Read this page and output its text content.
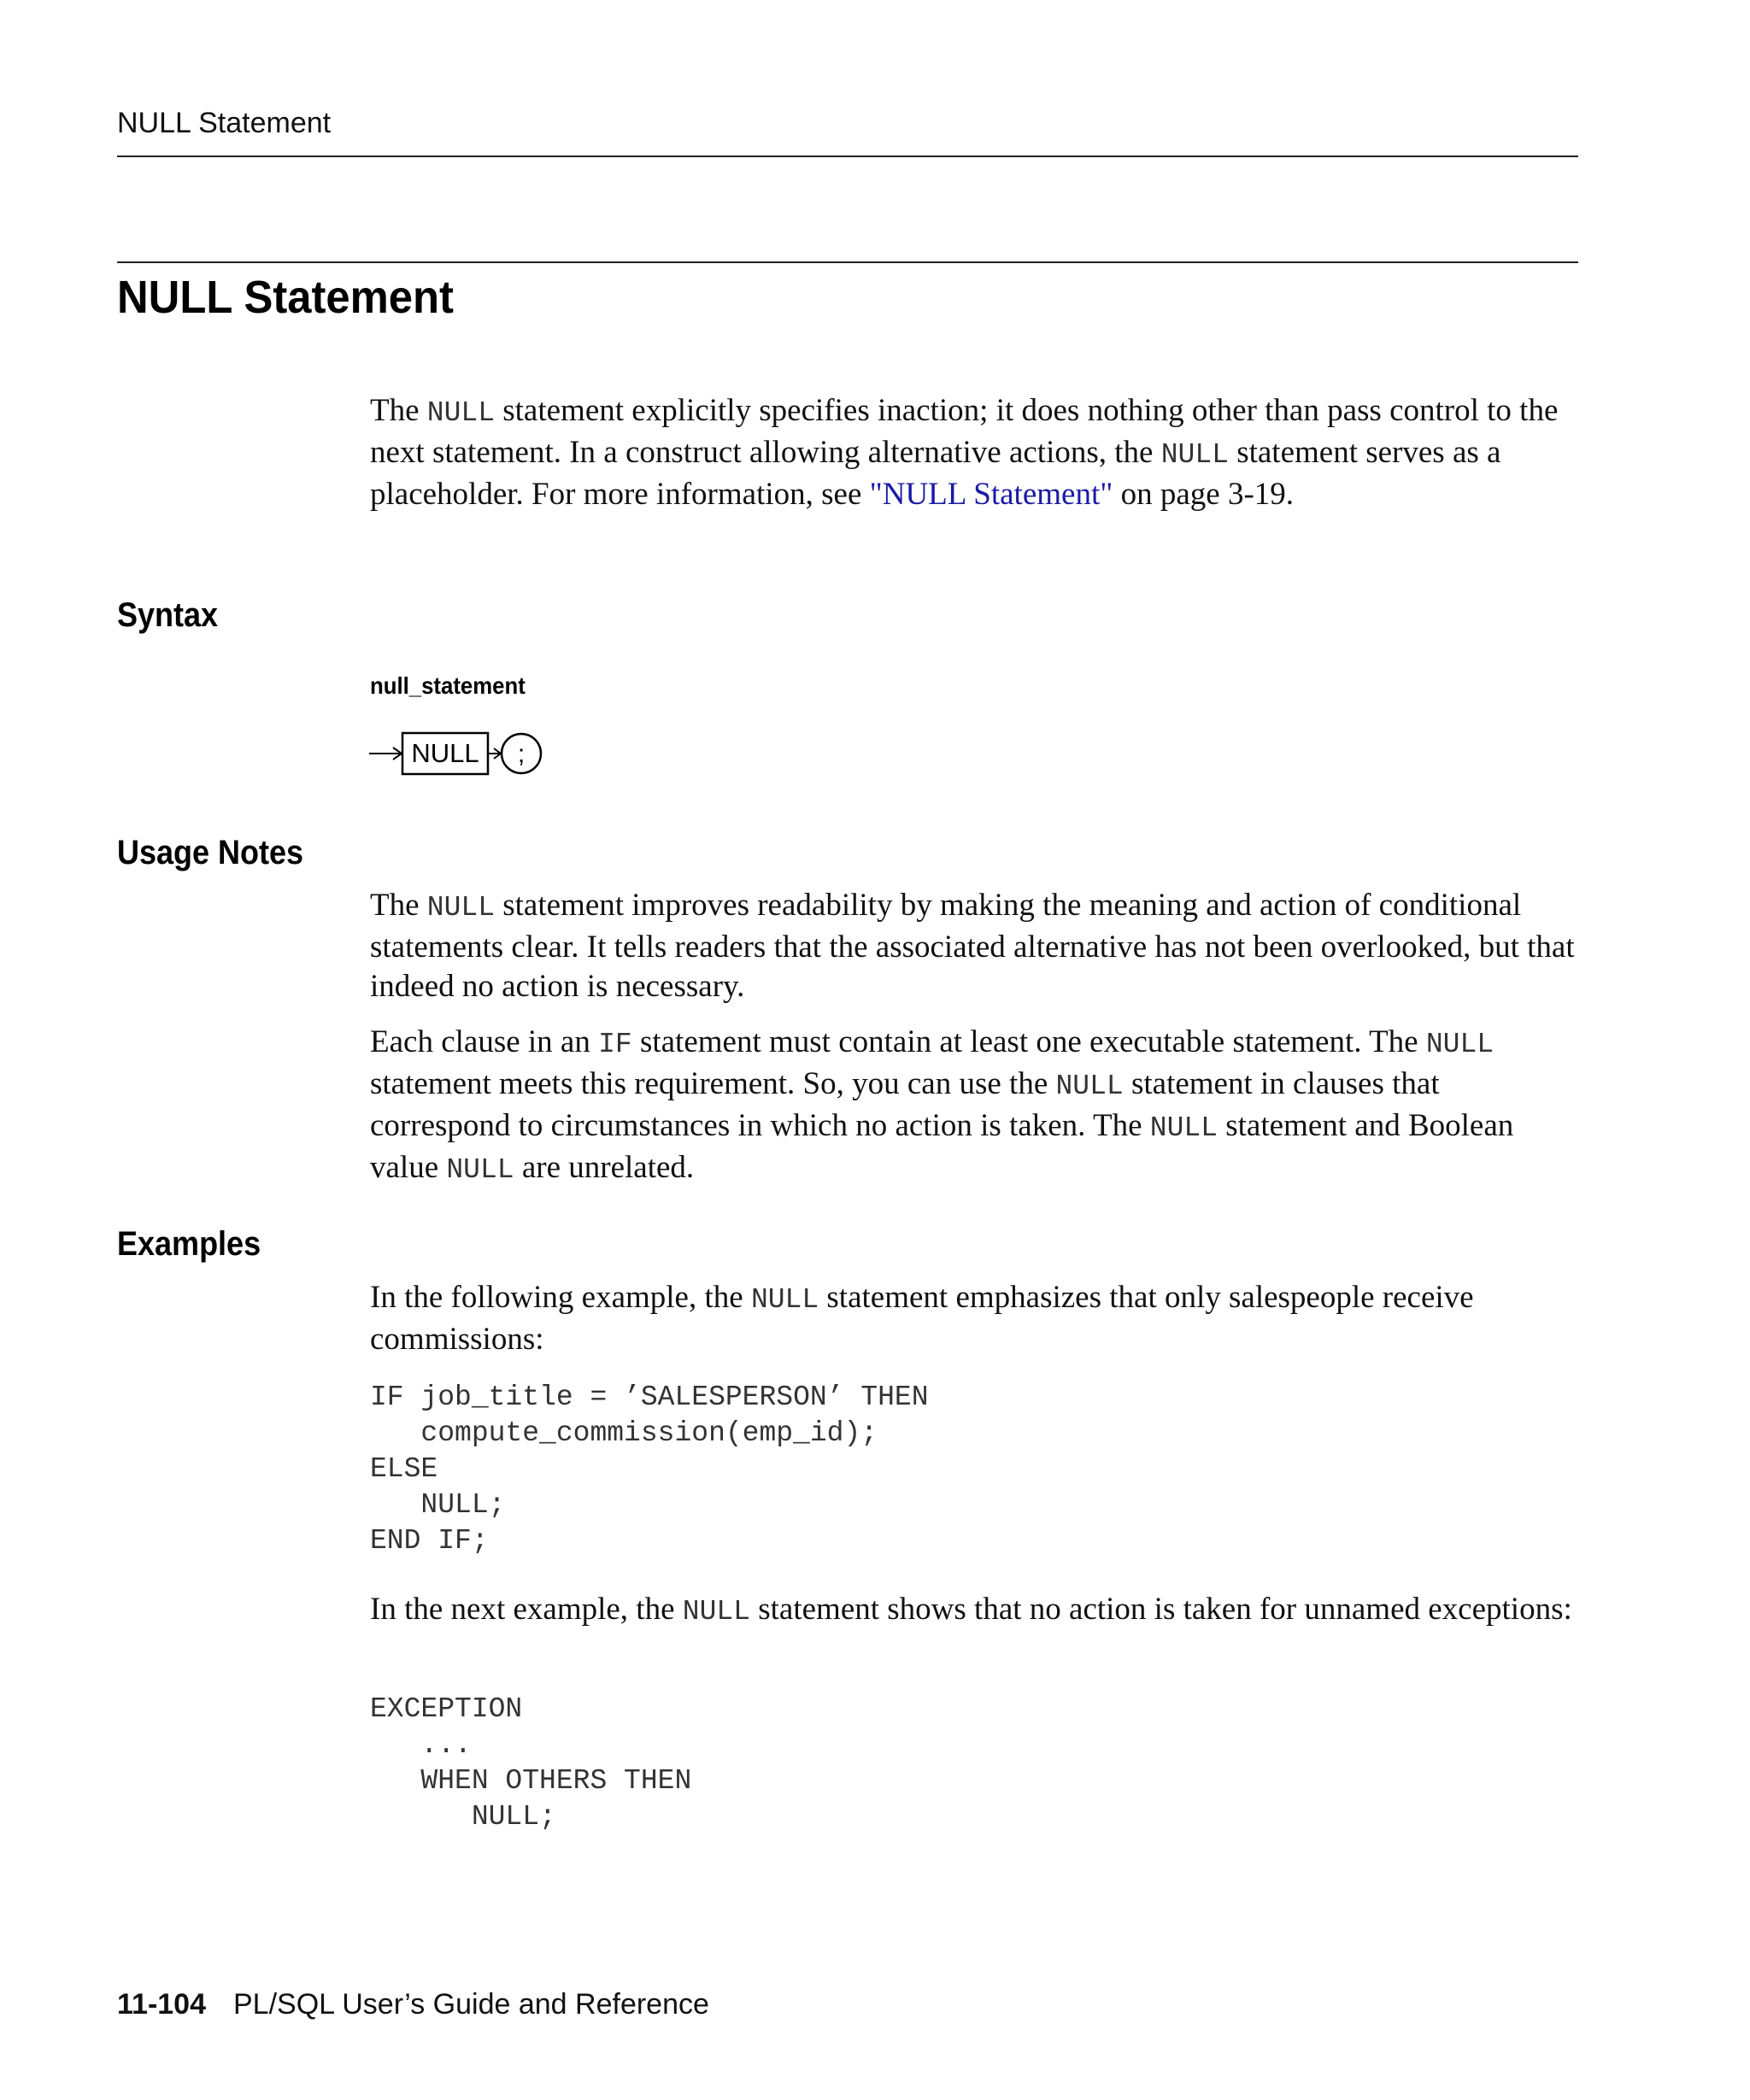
NULL Statement
NULL Statement

The NULL statement explicitly specifies inaction; it does nothing other than pass control to the next statement. In a construct allowing alternative actions, the NULL statement serves as a placeholder. For more information, see "NULL Statement" on page 3-19.

Syntax
null_statement
NULL ;
Usage Notes

The NULL statement improves readability by making the meaning and action of conditional statements clear. It tells readers that the associated alternative has not been overlooked, but that indeed no action is necessary.

Each clause in an IF statement must contain at least one executable statement. The NULL statement meets this requirement. So, you can use the NULL statement in clauses that correspond to circumstances in which no action is taken. The NULL statement and Boolean value NULL are unrelated.

Examples

In the following example, the NULL statement emphasizes that only salespeople receive commissions:

IF job_title = ’SALESPERSON’ THEN
compute_commission(emp_id);
ELSE
NULL;
END IF;

In the next example, the NULL statement shows that no action is taken for unnamed exceptions:

EXCEPTION
...
WHEN OTHERS THEN
NULL;
11-104 PL/SQL User’s Guide and Reference
